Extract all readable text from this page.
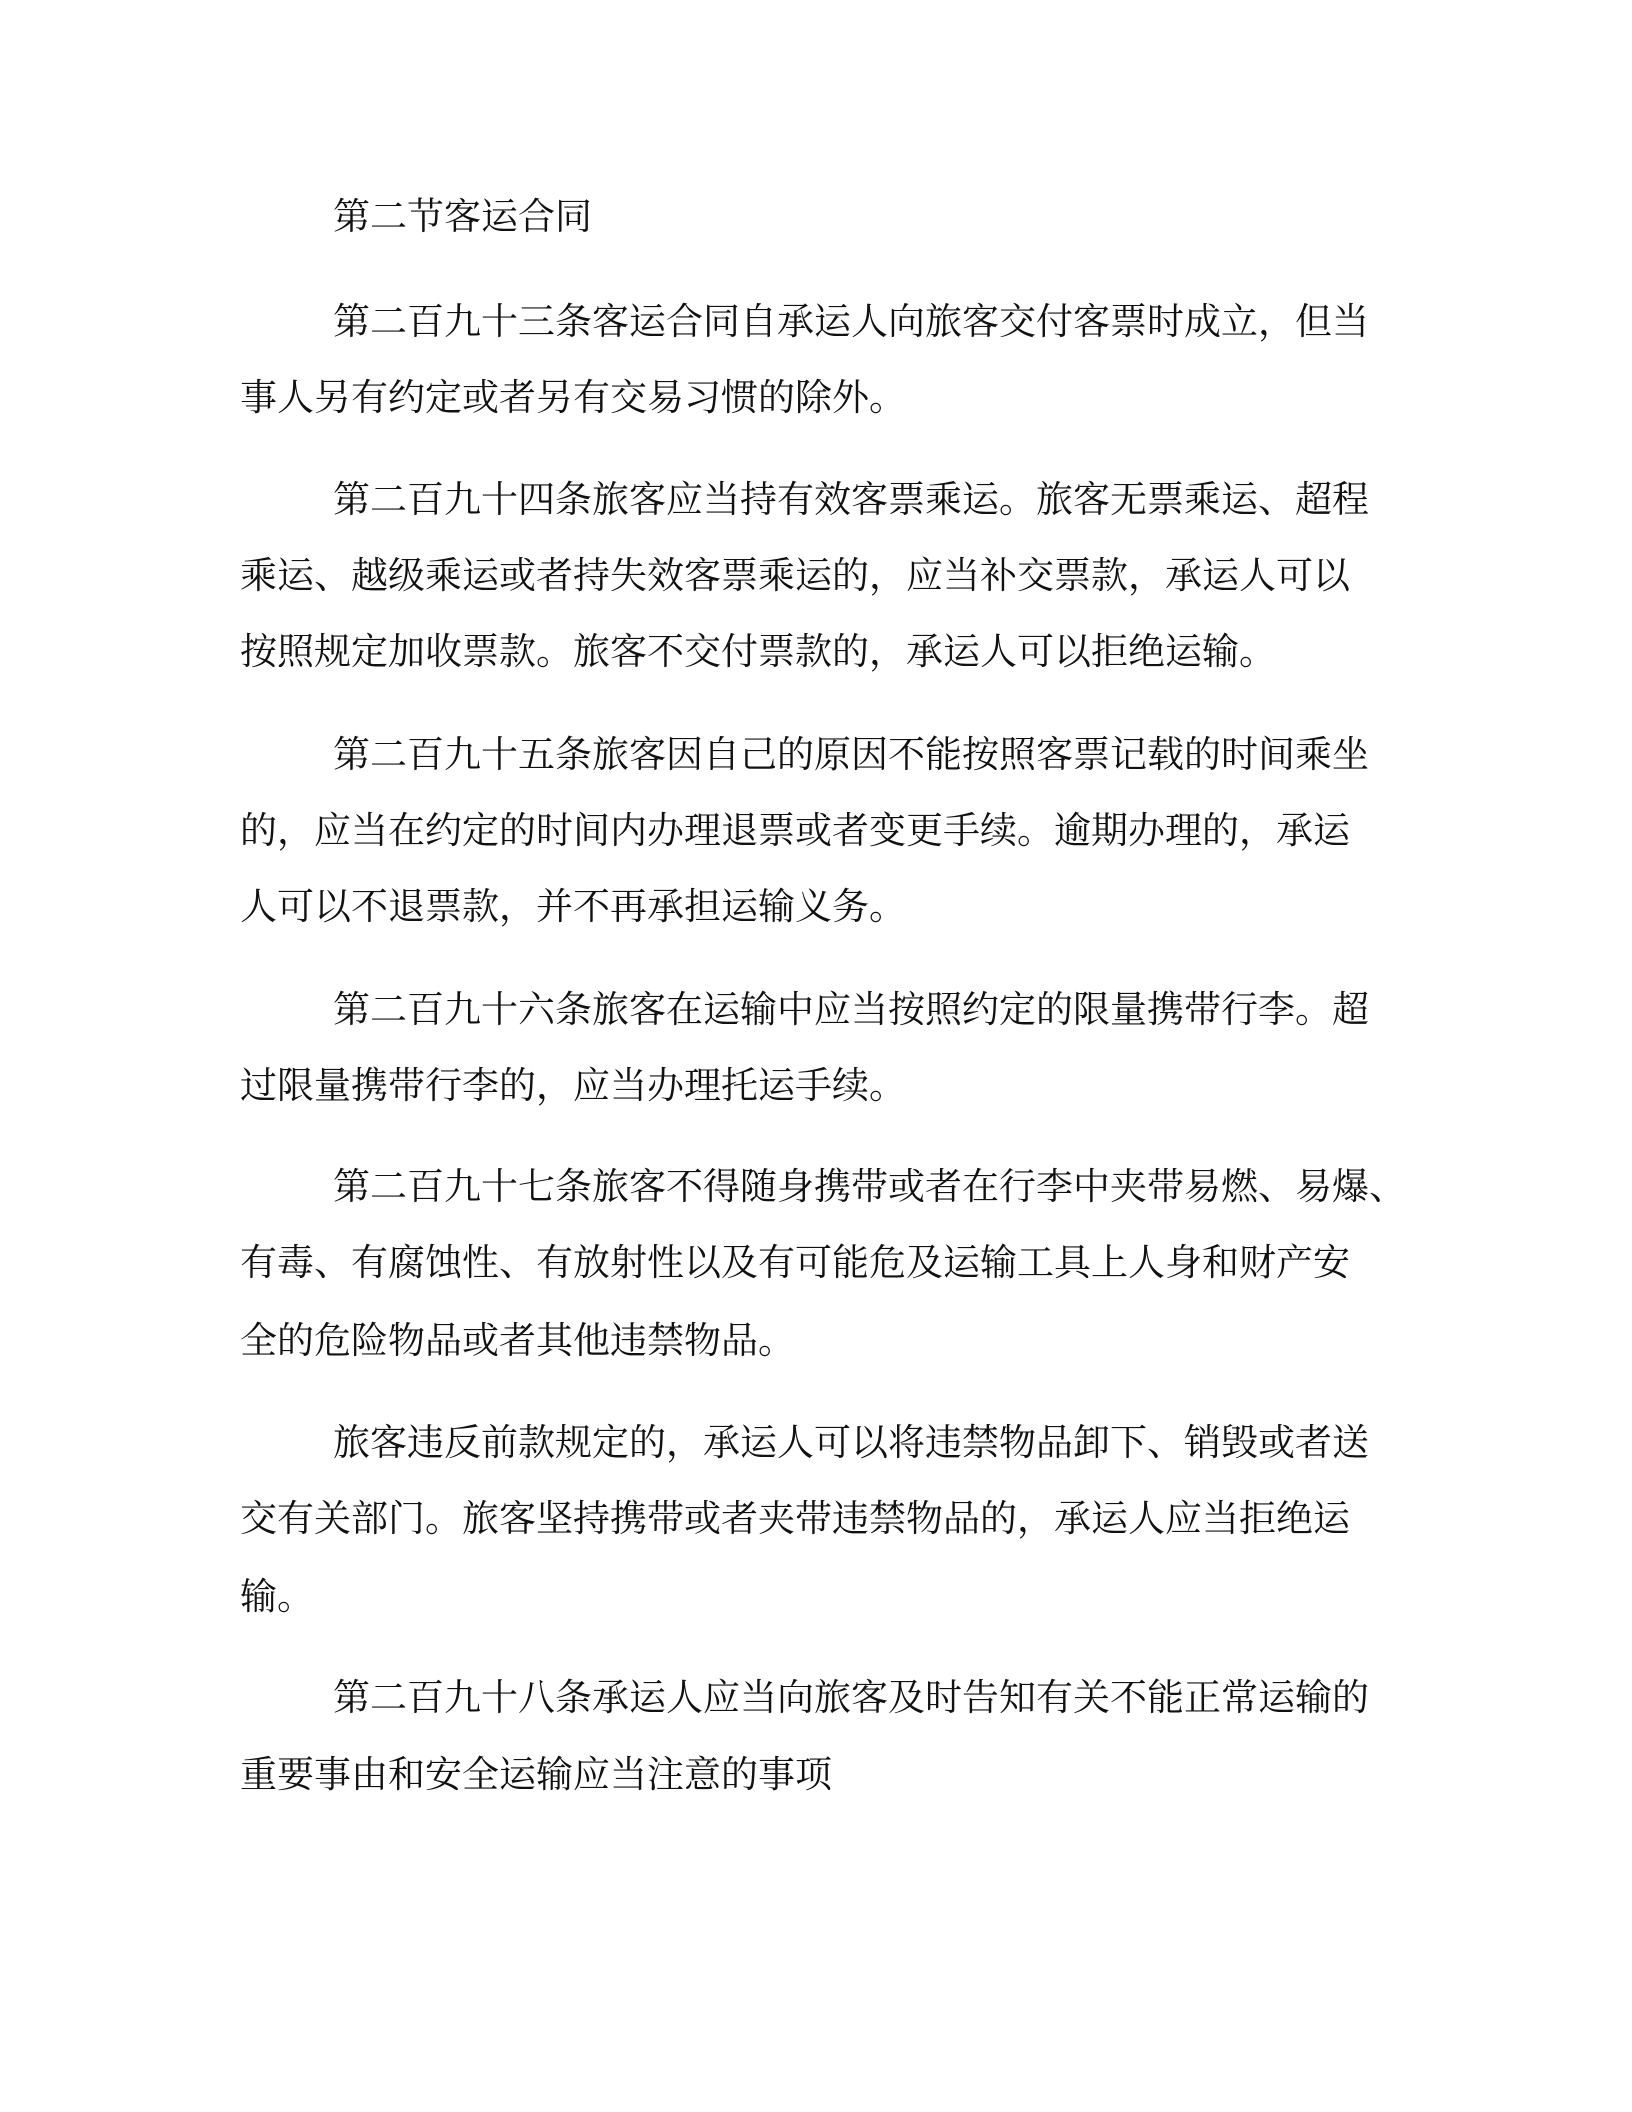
第二节客运合同

第二百九十三条客运合同自承运人向旅客交付客票时成立，但当

事人另有约定或者另有交易习惯的除外。

第二百九十四条旅客应当持有效客票乘运。旅客无票乘运、超程

乘运、越级乘运或者持失效客票乘运的，应当补交票款，承运人可以

按照规定加收票款。旅客不交付票款的，承运人可以拒绝运输。

第二百九十五条旅客因自己的原因不能按照客票记载的时间乘坐

的，应当在约定的时间内办理退票或者变更手续。逾期办理的，承运

人可以不退票款，并不再承担运输义务。

第二百九十六条旅客在运输中应当按照约定的限量携带行李。超

过限量携带行李的，应当办理托运手续。

第二百九十七条旅客不得随身携带或者在行李中夹带易燃、易爆、

有毒、有腐蚀性、有放射性以及有可能危及运输工具上人身和财产安

全的危险物品或者其他违禁物品。

旅客违反前款规定的，承运人可以将违禁物品卸下、销毁或者送

交有关部门。旅客坚持携带或者夹带违禁物品的，承运人应当拒绝运

输。

第二百九十八条承运人应当向旅客及时告知有关不能正常运输的

重要事由和安全运输应当注意的事项
